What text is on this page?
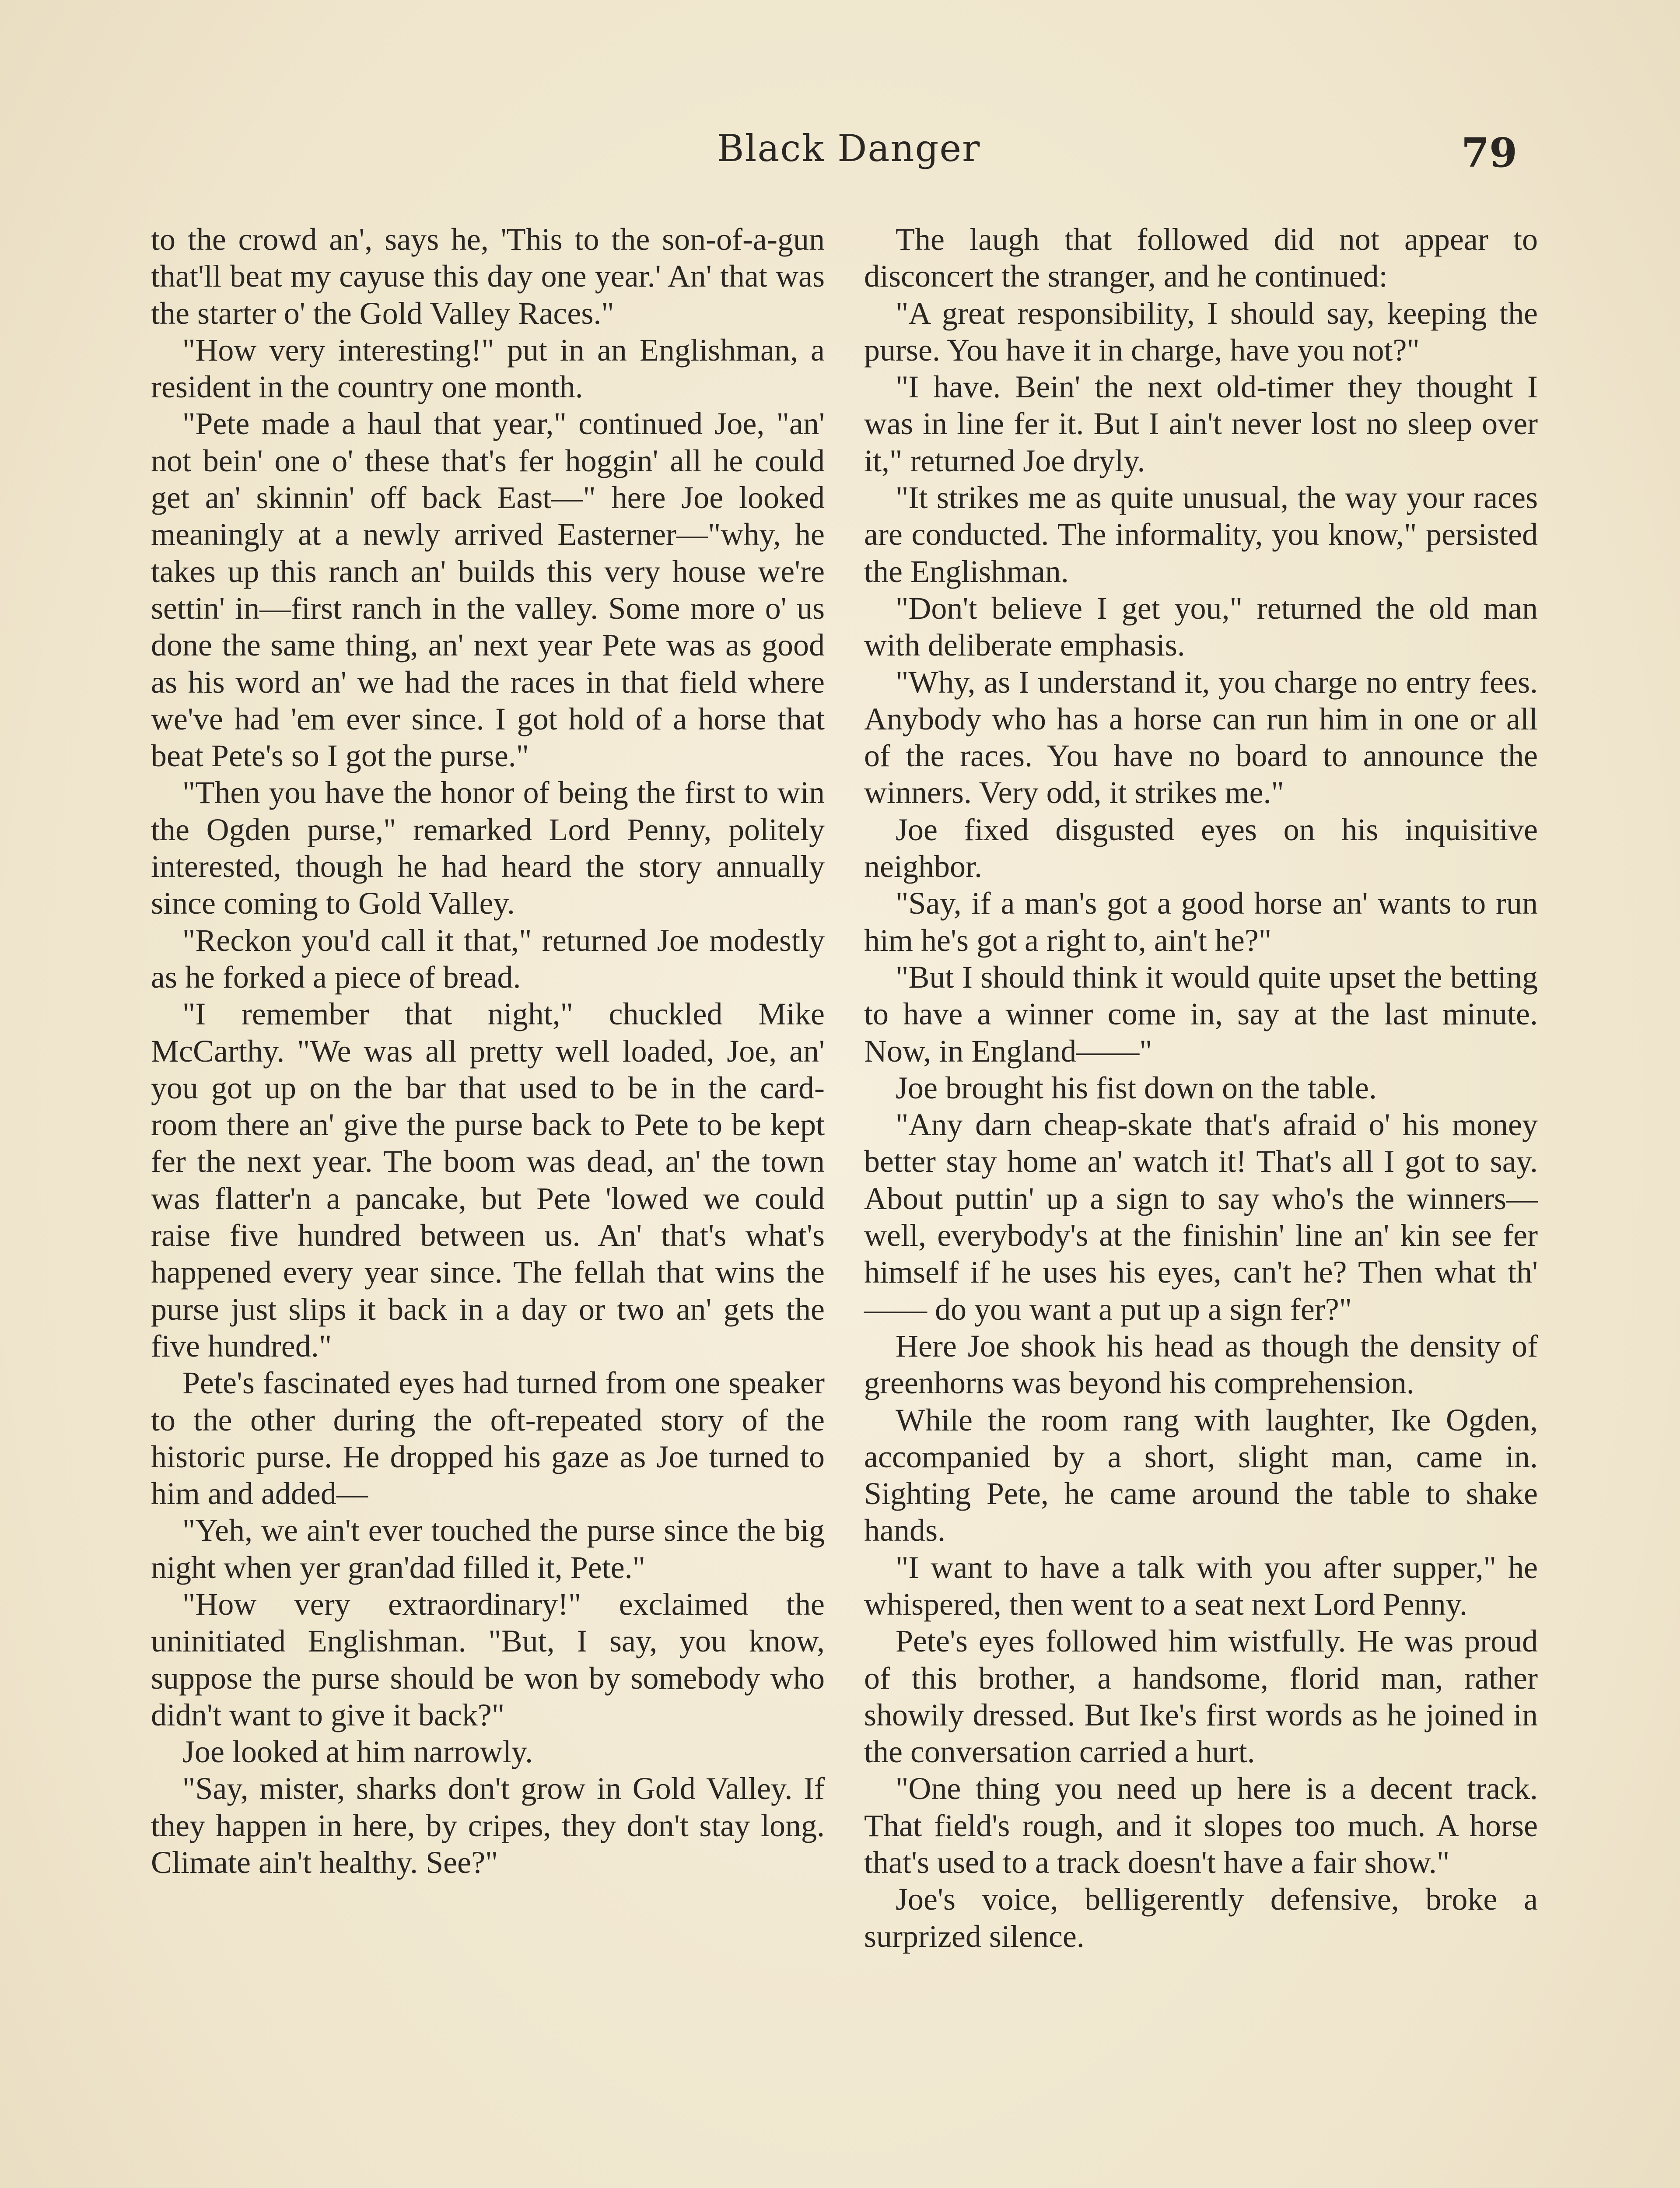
Black Danger	79

to the crowd an', says he, 'This to the son-of-a-gun that'll beat my cayuse this day one year.' An' that was the starter o' the Gold Valley Races."

"How very interesting!" put in an Englishman, a resident in the country one month.

"Pete made a haul that year," continued Joe, "an' not bein' one o' these that's fer hoggin' all he could get an' skinnin' off back East—" here Joe looked meaningly at a newly arrived Easterner—"why, he takes up this ranch an' builds this very house we're settin' in—first ranch in the valley. Some more o' us done the same thing, an' next year Pete was as good as his word an' we had the races in that field where we've had 'em ever since. I got hold of a horse that beat Pete's so I got the purse."

"Then you have the honor of being the first to win the Ogden purse," remarked Lord Penny, politely interested, though he had heard the story annually since coming to Gold Valley.

"Reckon you'd call it that," returned Joe modestly as he forked a piece of bread.

"I remember that night," chuckled Mike McCarthy. "We was all pretty well loaded, Joe, an' you got up on the bar that used to be in the card-room there an' give the purse back to Pete to be kept fer the next year. The boom was dead, an' the town was flatter'n a pancake, but Pete 'lowed we could raise five hundred between us. An' that's what's happened every year since. The fellah that wins the purse just slips it back in a day or two an' gets the five hundred."

Pete's fascinated eyes had turned from one speaker to the other during the oft-repeated story of the historic purse. He dropped his gaze as Joe turned to him and added—

"Yeh, we ain't ever touched the purse since the big night when yer gran'dad filled it, Pete."

"How very extraordinary!" exclaimed the uninitiated Englishman. "But, I say, you know, suppose the purse should be won by somebody who didn't want to give it back?"

Joe looked at him narrowly.

"Say, mister, sharks don't grow in Gold Valley. If they happen in here, by cripes, they don't stay long. Climate ain't healthy. See?"

The laugh that followed did not appear to disconcert the stranger, and he continued:

"A great responsibility, I should say, keeping the purse. You have it in charge, have you not?"

"I have. Bein' the next old-timer they thought I was in line fer it. But I ain't never lost no sleep over it," returned Joe dryly.

"It strikes me as quite unusual, the way your races are conducted. The informality, you know," persisted the Englishman.

"Don't believe I get you," returned the old man with deliberate emphasis.

"Why, as I understand it, you charge no entry fees. Anybody who has a horse can run him in one or all of the races. You have no board to announce the winners. Very odd, it strikes me."

Joe fixed disgusted eyes on his inquisitive neighbor.

"Say, if a man's got a good horse an' wants to run him he's got a right to, ain't he?"

"But I should think it would quite upset the betting to have a winner come in, say at the last minute. Now, in England——"

Joe brought his fist down on the table.

"Any darn cheap-skate that's afraid o' his money better stay home an' watch it! That's all I got to say. About puttin' up a sign to say who's the winners—well, everybody's at the finishin' line an' kin see fer himself if he uses his eyes, can't he? Then what th' —— do you want a put up a sign fer?"

Here Joe shook his head as though the density of greenhorns was beyond his comprehension.

While the room rang with laughter, Ike Ogden, accompanied by a short, slight man, came in. Sighting Pete, he came around the table to shake hands.

"I want to have a talk with you after supper," he whispered, then went to a seat next Lord Penny.

Pete's eyes followed him wistfully. He was proud of this brother, a handsome, florid man, rather showily dressed. But Ike's first words as he joined in the conversation carried a hurt.

"One thing you need up here is a decent track. That field's rough, and it slopes too much. A horse that's used to a track doesn't have a fair show."

Joe's voice, belligerently defensive, broke a surprized silence.
